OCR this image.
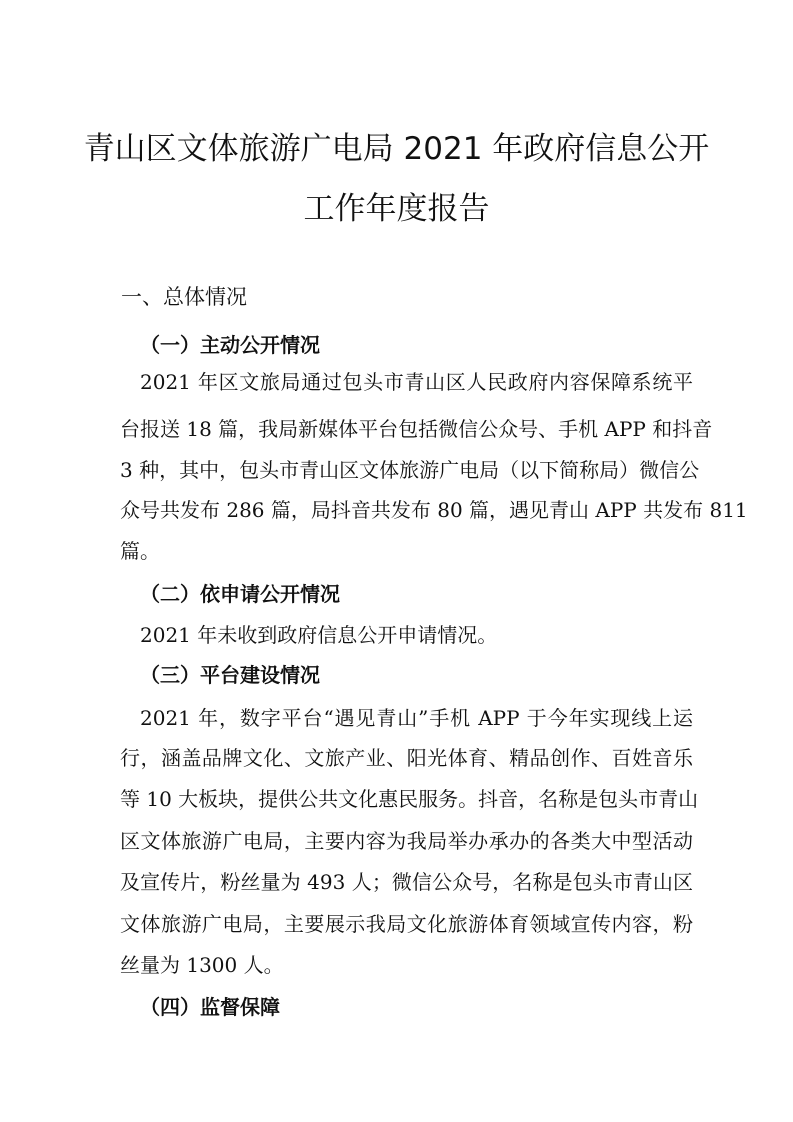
青山区文体旅游广电局 2021 年政府信息公开
工作年度报告
一、总体情况
（一）主动公开情况
2021 年区文旅局通过包头市青山区人民政府内容保障系统平
台报送 18 篇，我局新媒体平台包括微信公众号、手机 APP 和抖音
3 种，其中，包头市青山区文体旅游广电局（以下简称局）微信公
众号共发布 286 篇，局抖音共发布 80 篇，遇见青山 APP 共发布 811
篇。
（二）依申请公开情况
2021 年未收到政府信息公开申请情况。
（三）平台建设情况
2021 年，数字平台“遇见青山”手机 APP 于今年实现线上运
行，涵盖品牌文化、文旅产业、阳光体育、精品创作、百姓音乐
等 10 大板块，提供公共文化惠民服务。抖音，名称是包头市青山
区文体旅游广电局，主要内容为我局举办承办的各类大中型活动
及宣传片，粉丝量为 493 人；微信公众号，名称是包头市青山区
文体旅游广电局，主要展示我局文化旅游体育领域宣传内容，粉
丝量为 1300 人。
（四）监督保障
